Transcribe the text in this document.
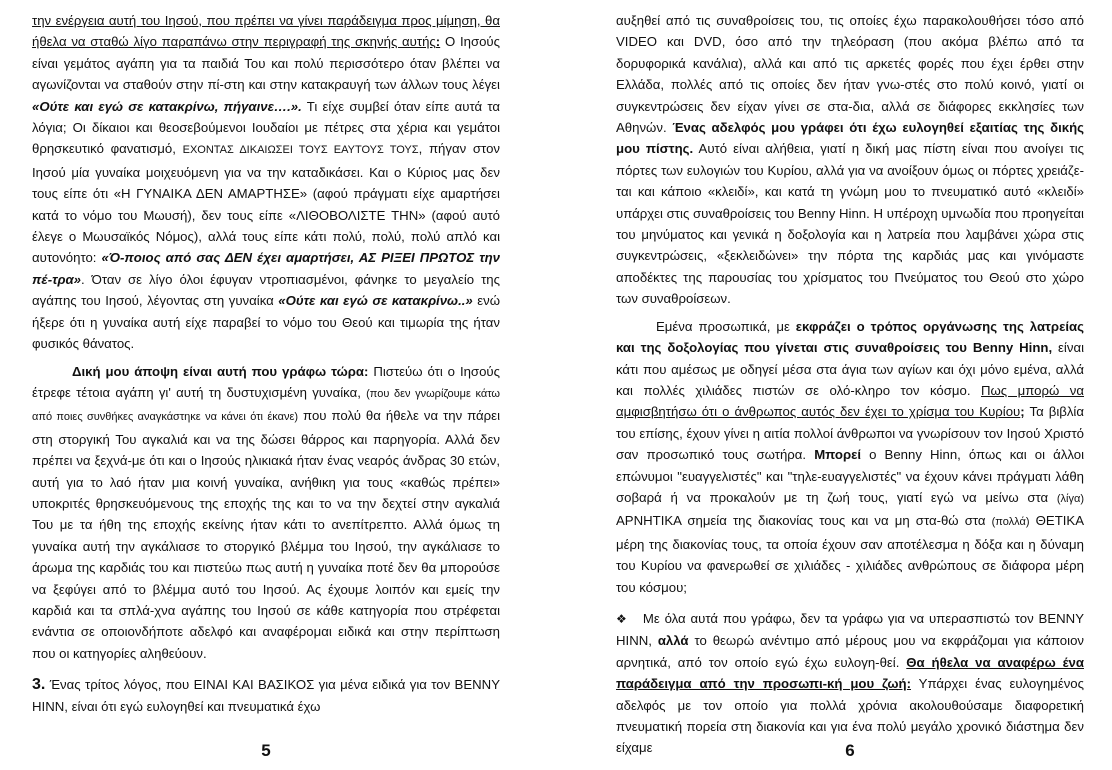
την ενέργεια αυτή του Ιησού, που πρέπει να γίνει παράδειγμα προς μίμηση, θα ήθελα να σταθώ λίγο παραπάνω στην περιγραφή της σκηνής αυτής: Ο Ιησούς είναι γεμάτος αγάπη για τα παιδιά Του και πολύ περισσότερο όταν βλέπει να αγωνίζονται να σταθούν στην πί-στη και στην κατακραυγή των άλλων τους λέγει «Ούτε και εγώ σε κατακρίνω, πήγαινε….». Τι είχε συμβεί όταν είπε αυτά τα λόγια; Οι δίκαιοι και θεοσεβούμενοι Ιουδαίοι με πέτρες στα χέρια και γεμάτοι θρησκευτικό φανατισμό, ΕΧΟΝΤΑΣ ΔΙΚΑΙΩΣΕΙ ΤΟΥΣ ΕΑΥΤΟΥΣ ΤΟΥΣ, πήγαν στον Ιησού μία γυναίκα μοιχευόμενη για να την καταδικάσει. Και ο Κύριος μας δεν τους είπε ότι «Η ΓΥΝΑΙΚΑ ΔΕΝ ΑΜΑΡΤΗΣΕ» (αφού πράγματι είχε αμαρτήσει κατά το νόμο του Μωυσή), δεν τους είπε «ΛΙΘΟΒΟΛΙΣΤΕ ΤΗΝ» (αφού αυτό έλεγε ο Μωυσαϊκός Νόμος), αλλά τους είπε κάτι πολύ, πολύ, πολύ απλό και αυτονόητο: «Ό-ποιος από σας ΔΕΝ έχει αμαρτήσει, ΑΣ ΡΙΞΕΙ ΠΡΩΤΟΣ την πέ-τρα». Όταν σε λίγο όλοι έφυγαν ντροπιασμένοι, φάνηκε το μεγαλείο της αγάπης του Ιησού, λέγοντας στη γυναίκα «Ούτε και εγώ σε κατακρίνω..» ενώ ήξερε ότι η γυναίκα αυτή είχε παραβεί το νόμο του Θεού και τιμωρία της ήταν φυσικός θάνατος.

Δική μου άποψη είναι αυτή που γράφω τώρα: Πιστεύω ότι ο Ιησούς έτρεφε τέτοια αγάπη γι' αυτή τη δυστυχισμένη γυναίκα, (που δεν γνωρίζουμε κάτω από ποιες συνθήκες αναγκάστηκε να κάνει ότι έκανε) που πολύ θα ήθελε να την πάρει στη στοργική Του αγκαλιά και να της δώσει θάρρος και παρηγορία. Αλλά δεν πρέπει να ξεχνά-με ότι και ο Ιησούς ηλικιακά ήταν ένας νεαρός άνδρας 30 ετών, αυτή για το λαό ήταν μια κοινή γυναίκα, ανήθικη για τους «καθώς πρέπει» υποκριτές θρησκευόμενους της εποχής της και το να την δεχτεί στην αγκαλιά Του με τα ήθη της εποχής εκείνης ήταν κάτι το ανεπίτρεπτο. Αλλά όμως τη γυναίκα αυτή την αγκάλιασε το στοργικό βλέμμα του Ιησού, την αγκάλιασε το άρωμα της καρδιάς του και πιστεύω πως αυτή η γυναίκα ποτέ δεν θα μπορούσε να ξεφύγει από το βλέμμα αυτό του Ιησού. Ας έχουμε λοιπόν και εμείς την καρδιά και τα σπλά-χνα αγάπης του Ιησού σε κάθε κατηγορία που στρέφεται ενάντια σε οποιονδήποτε αδελφό και αναφέρομαι ειδικά και στην περίπτωση που οι κατηγορίες αληθεύουν.

3. Ένας τρίτος λόγος, που ΕΙΝΑΙ ΚΑΙ ΒΑΣΙΚΟΣ για μένα ειδικά για τον BENNY HINN, είναι ότι εγώ ευλογηθεί και πνευματικά έχω

5

αυξηθεί από τις συναθροίσεις του, τις οποίες έχω παρακολουθήσει τόσο από VIDEO και DVD, όσο από την τηλεόραση (που ακόμα βλέπω από τα δορυφορικά κανάλια), αλλά και από τις αρκετές φορές που έχει έρθει στην Ελλάδα, πολλές από τις οποίες δεν ήταν γνω-στές στο πολύ κοινό, γιατί οι συγκεντρώσεις δεν είχαν γίνει σε στα-δια, αλλά σε διάφορες εκκλησίες των Αθηνών. Ένας αδελφός μου γράφει ότι έχω ευλογηθεί εξαιτίας της δικής μου πίστης. Αυτό είναι αλήθεια, γιατί η δική μας πίστη είναι που ανοίγει τις πόρτες των ευλογιών του Κυρίου, αλλά για να ανοίξουν όμως οι πόρτες χρειάζε-ται και κάποιο «κλειδί», και κατά τη γνώμη μου το πνευματικό αυτό «κλειδί» υπάρχει στις συναθροίσεις του Benny Hinn. Η υπέροχη υμνωδία που προηγείται του μηνύματος και γενικά η δοξολογία και η λατρεία που λαμβάνει χώρα στις συγκεντρώσεις, «ξεκλειδώνει» την πόρτα της καρδιάς μας και γινόμαστε αποδέκτες της παρουσίας του χρίσματος του Πνεύματος του Θεού στο χώρο των συναθροίσεων.

Εμένα προσωπικά, με εκφράζει ο τρόπος οργάνωσης της λατρείας και της δοξολογίας που γίνεται στις συναθροίσεις του Benny Hinn, είναι κάτι που αμέσως με οδηγεί μέσα στα άγια των αγίων και όχι μόνο εμένα, αλλά και πολλές χιλιάδες πιστών σε ολό-κληρο τον κόσμο. Πως μπορώ να αμφισβητήσω ότι ο άνθρωπος αυτός δεν έχει το χρίσμα του Κυρίου; Τα βιβλία του επίσης, έχουν γίνει η αιτία πολλοί άνθρωποι να γνωρίσουν τον Ιησού Χριστό σαν προσωπικό τους σωτήρα. Μπορεί ο Benny Hinn, όπως και οι άλλοι επώνυμοι "ευαγγελιστές" και "τηλε-ευαγγελιστές" να έχουν κάνει πράγματι λάθη σοβαρά ή να προκαλούν με τη ζωή τους, γιατί εγώ να μείνω στα (λίγα) ΑΡΝΗΤΙΚΑ σημεία της διακονίας τους και να μη στα-θώ στα (πολλά) ΘΕΤΙΚΑ μέρη της διακονίας τους, τα οποία έχουν σαν αποτέλεσμα η δόξα και η δύναμη του Κυρίου να φανερωθεί σε χιλιάδες - χιλιάδες ανθρώπους σε διάφορα μέρη του κόσμου;

❖ Με όλα αυτά που γράφω, δεν τα γράφω για να υπερασπιστώ τον BENNY HINN, αλλά το θεωρώ ανέντιμο από μέρους μου να εκφράζομαι για κάποιον αρνητικά, από τον οποίο εγώ έχω ευλογη-θεί. Θα ήθελα να αναφέρω ένα παράδειγμα από την προσωπι-κή μου ζωή: Υπάρχει ένας ευλογημένος αδελφός με τον οποίο για πολλά χρόνια ακολουθούσαμε διαφορετική πνευματική πορεία στη διακονία και για ένα πολύ μεγάλο χρονικό διάστημα δεν είχαμε	6
